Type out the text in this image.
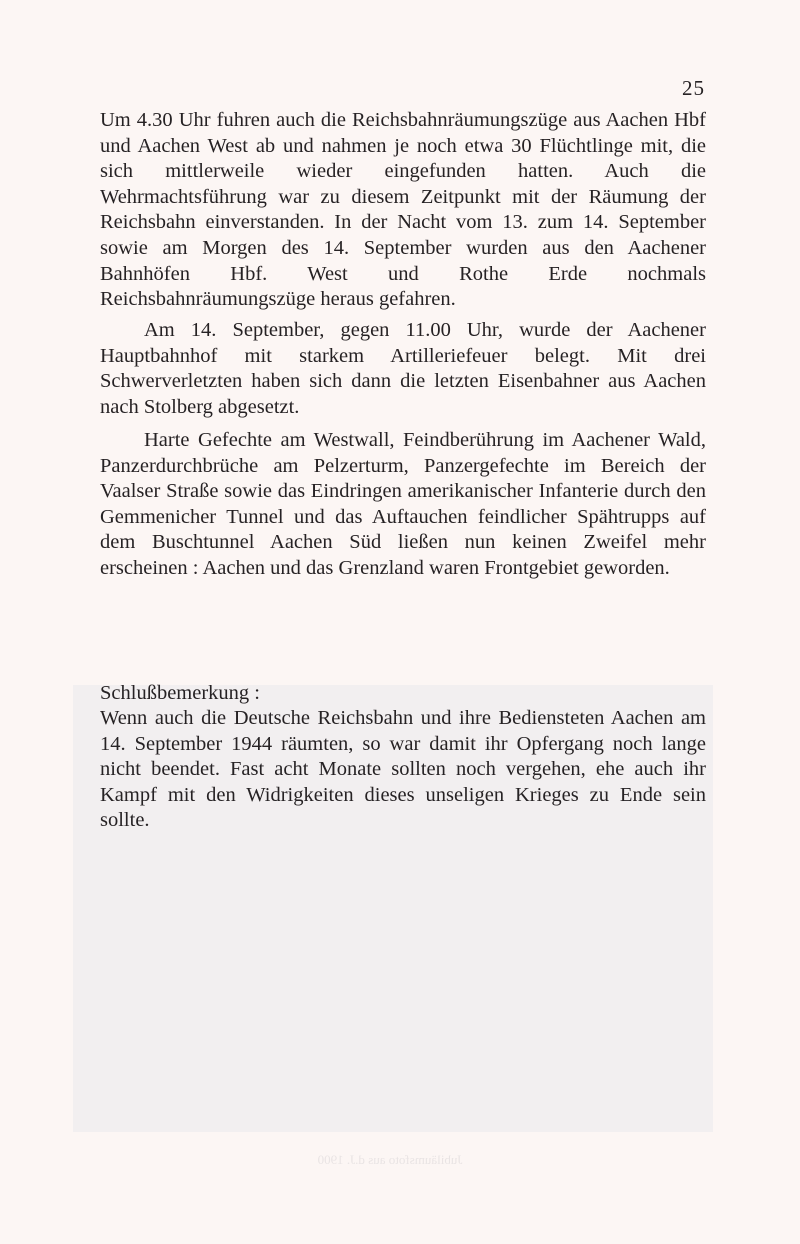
Jubiläumsfoto aus d.J. 1900
25

Um 4.30 Uhr fuhren auch die Reichsbahnräumungszüge aus Aachen Hbf und Aachen West ab und nahmen je noch etwa 30 Flüchtlinge mit, die sich mittlerweile wieder eingefunden hatten. Auch die Wehrmachtsführung war zu diesem Zeitpunkt mit der Räumung der Reichsbahn einverstanden. In der Nacht vom 13. zum 14. September sowie am Morgen des 14. September wurden aus den Aachener Bahnhöfen Hbf. West und Rothe Erde nochmals Reichsbahnräumungszüge heraus gefahren.

Am 14. September, gegen 11.00 Uhr, wurde der Aachener Hauptbahnhof mit starkem Artilleriefeuer belegt. Mit drei Schwerverletzten haben sich dann die letzten Eisenbahner aus Aachen nach Stolberg abgesetzt.

Harte Gefechte am Westwall, Feindberührung im Aachener Wald, Panzerdurchbrüche am Pelzerturm, Panzergefechte im Bereich der Vaalser Straße sowie das Eindringen amerikanischer Infanterie durch den Gemmenicher Tunnel und das Auftauchen feindlicher Spähtrupps auf dem Buschtunnel Aachen Süd ließen nun keinen Zweifel mehr erscheinen : Aachen und das Grenzland waren Frontgebiet geworden.

Schlußbemerkung :

Wenn auch die Deutsche Reichsbahn und ihre Bediensteten Aachen am 14. September 1944 räumten, so war damit ihr Opfergang noch lange nicht beendet. Fast acht Monate sollten noch vergehen, ehe auch ihr Kampf mit den Widrigkeiten dieses unseligen Krieges zu Ende sein sollte.
